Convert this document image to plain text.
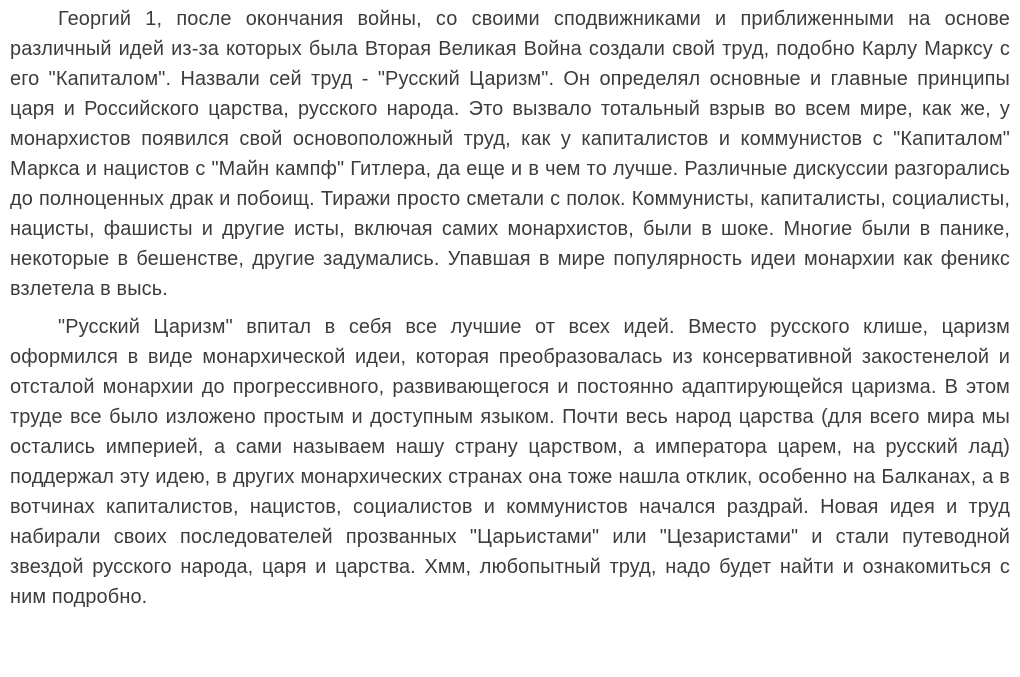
Георгий 1, после окончания войны, со своими сподвижниками и приближенными на основе различный идей из-за которых была Вторая Великая Война создали свой труд, подобно Карлу Марксу с его "Капиталом". Назвали сей труд - "Русский Царизм". Он определял основные и главные принципы царя и Российского царства, русского народа. Это вызвало тотальный взрыв во всем мире, как же, у монархистов появился свой основоположный труд, как у капиталистов и коммунистов с "Капиталом" Маркса и нацистов с "Майн кампф" Гитлера, да еще и в чем то лучше. Различные дискуссии разгорались до полноценных драк и побоищ. Тиражи просто сметали с полок. Коммунисты, капиталисты, социалисты, нацисты, фашисты и другие исты, включая самих монархистов, были в шоке. Многие были в панике, некоторые в бешенстве, другие задумались. Упавшая в мире популярность идеи монархии как феникс взлетела в высь.

"Русский Царизм" впитал в себя все лучшие от всех идей. Вместо русского клише, царизм оформился в виде монархической идеи, которая преобразовалась из консервативной закостенелой и отсталой монархии до прогрессивного, развивающегося и постоянно адаптирующейся царизма. В этом труде все было изложено простым и доступным языком. Почти весь народ царства (для всего мира мы остались империей, а сами называем нашу страну царством, а императора царем, на русский лад) поддержал эту идею, в других монархических странах она тоже нашла отклик, особенно на Балканах, а в вотчинах капиталистов, нацистов, социалистов и коммунистов начался раздрай. Новая идея и труд набирали своих последователей прозванных "Царьистами" или "Цезаристами" и стали путеводной звездой русского народа, царя и царства. Хмм, любопытный труд, надо будет найти и ознакомиться с ним подробно.
